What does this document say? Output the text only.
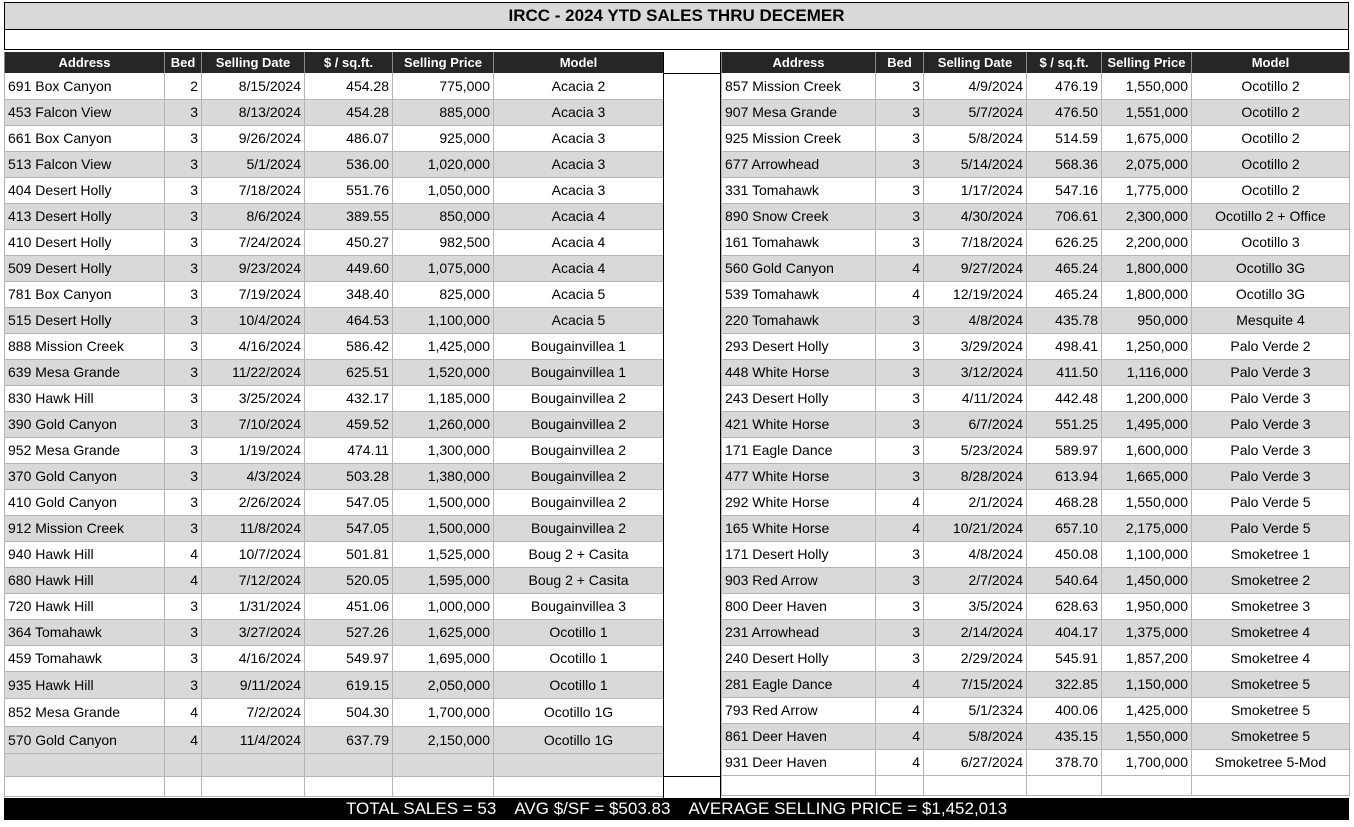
IRCC - 2024 YTD SALES THRU DECEMER
Address	Bed	Selling Date	$ / sq.ft.	Selling Price	Model
691 Box Canyon	2	8/15/2024	454.28	775,000	Acacia 2
453 Falcon View	3	8/13/2024	454.28	885,000	Acacia 3
661 Box Canyon	3	9/26/2024	486.07	925,000	Acacia 3
513 Falcon View	3	5/1/2024	536.00	1,020,000	Acacia 3
404 Desert Holly	3	7/18/2024	551.76	1,050,000	Acacia 3
413 Desert Holly	3	8/6/2024	389.55	850,000	Acacia 4
410 Desert Holly	3	7/24/2024	450.27	982,500	Acacia 4
509 Desert Holly	3	9/23/2024	449.60	1,075,000	Acacia 4
781 Box Canyon	3	7/19/2024	348.40	825,000	Acacia 5
515 Desert Holly	3	10/4/2024	464.53	1,100,000	Acacia 5
888 Mission Creek	3	4/16/2024	586.42	1,425,000	Bougainvillea 1
639 Mesa Grande	3	11/22/2024	625.51	1,520,000	Bougainvillea 1
830 Hawk Hill	3	3/25/2024	432.17	1,185,000	Bougainvillea 2
390 Gold Canyon	3	7/10/2024	459.52	1,260,000	Bougainvillea 2
952 Mesa Grande	3	1/19/2024	474.11	1,300,000	Bougainvillea 2
370 Gold Canyon	3	4/3/2024	503.28	1,380,000	Bougainvillea 2
410 Gold Canyon	3	2/26/2024	547.05	1,500,000	Bougainvillea 2
912 Mission Creek	3	11/8/2024	547.05	1,500,000	Bougainvillea 2
940 Hawk Hill	4	10/7/2024	501.81	1,525,000	Boug 2 + Casita
680 Hawk Hill	4	7/12/2024	520.05	1,595,000	Boug 2 + Casita
720 Hawk Hill	3	1/31/2024	451.06	1,000,000	Bougainvillea 3
364 Tomahawk	3	3/27/2024	527.26	1,625,000	Ocotillo 1
459 Tomahawk	3	4/16/2024	549.97	1,695,000	Ocotillo 1
935 Hawk Hill	3	9/11/2024	619.15	2,050,000	Ocotillo 1
852 Mesa Grande	4	7/2/2024	504.30	1,700,000	Ocotillo 1G
570 Gold Canyon	4	11/4/2024	637.79	2,150,000	Ocotillo 1G

Address	Bed	Selling Date	$ / sq.ft.	Selling Price	Model
857 Mission Creek	3	4/9/2024	476.19	1,550,000	Ocotillo 2
907 Mesa Grande	3	5/7/2024	476.50	1,551,000	Ocotillo 2
925 Mission Creek	3	5/8/2024	514.59	1,675,000	Ocotillo 2
677 Arrowhead	3	5/14/2024	568.36	2,075,000	Ocotillo 2
331 Tomahawk	3	1/17/2024	547.16	1,775,000	Ocotillo 2
890 Snow Creek	3	4/30/2024	706.61	2,300,000	Ocotillo 2 + Office
161 Tomahawk	3	7/18/2024	626.25	2,200,000	Ocotillo 3
560 Gold Canyon	4	9/27/2024	465.24	1,800,000	Ocotillo 3G
539 Tomahawk	4	12/19/2024	465.24	1,800,000	Ocotillo 3G
220 Tomahawk	3	4/8/2024	435.78	950,000	Mesquite 4
293 Desert Holly	3	3/29/2024	498.41	1,250,000	Palo Verde 2
448 White Horse	3	3/12/2024	411.50	1,116,000	Palo Verde 3
243 Desert Holly	3	4/11/2024	442.48	1,200,000	Palo Verde 3
421 White Horse	3	6/7/2024	551.25	1,495,000	Palo Verde 3
171 Eagle Dance	3	5/23/2024	589.97	1,600,000	Palo Verde 3
477 White Horse	3	8/28/2024	613.94	1,665,000	Palo Verde 3
292 White Horse	4	2/1/2024	468.28	1,550,000	Palo Verde 5
165 White Horse	4	10/21/2024	657.10	2,175,000	Palo Verde 5
171 Desert Holly	3	4/8/2024	450.08	1,100,000	Smoketree 1
903 Red Arrow	3	2/7/2024	540.64	1,450,000	Smoketree 2
800 Deer Haven	3	3/5/2024	628.63	1,950,000	Smoketree 3
231 Arrowhead	3	2/14/2024	404.17	1,375,000	Smoketree 4
240 Desert Holly	3	2/29/2024	545.91	1,857,200	Smoketree 4
281 Eagle Dance	4	7/15/2024	322.85	1,150,000	Smoketree 5
793 Red Arrow	4	5/1/2324	400.06	1,425,000	Smoketree 5
861 Deer Haven	4	5/8/2024	435.15	1,550,000	Smoketree 5
931 Deer Haven	4	6/27/2024	378.70	1,700,000	Smoketree 5-Mod

TOTAL SALES = 53 AVG $/SF = $503.83 AVERAGE SELLING PRICE = $1,452,013
